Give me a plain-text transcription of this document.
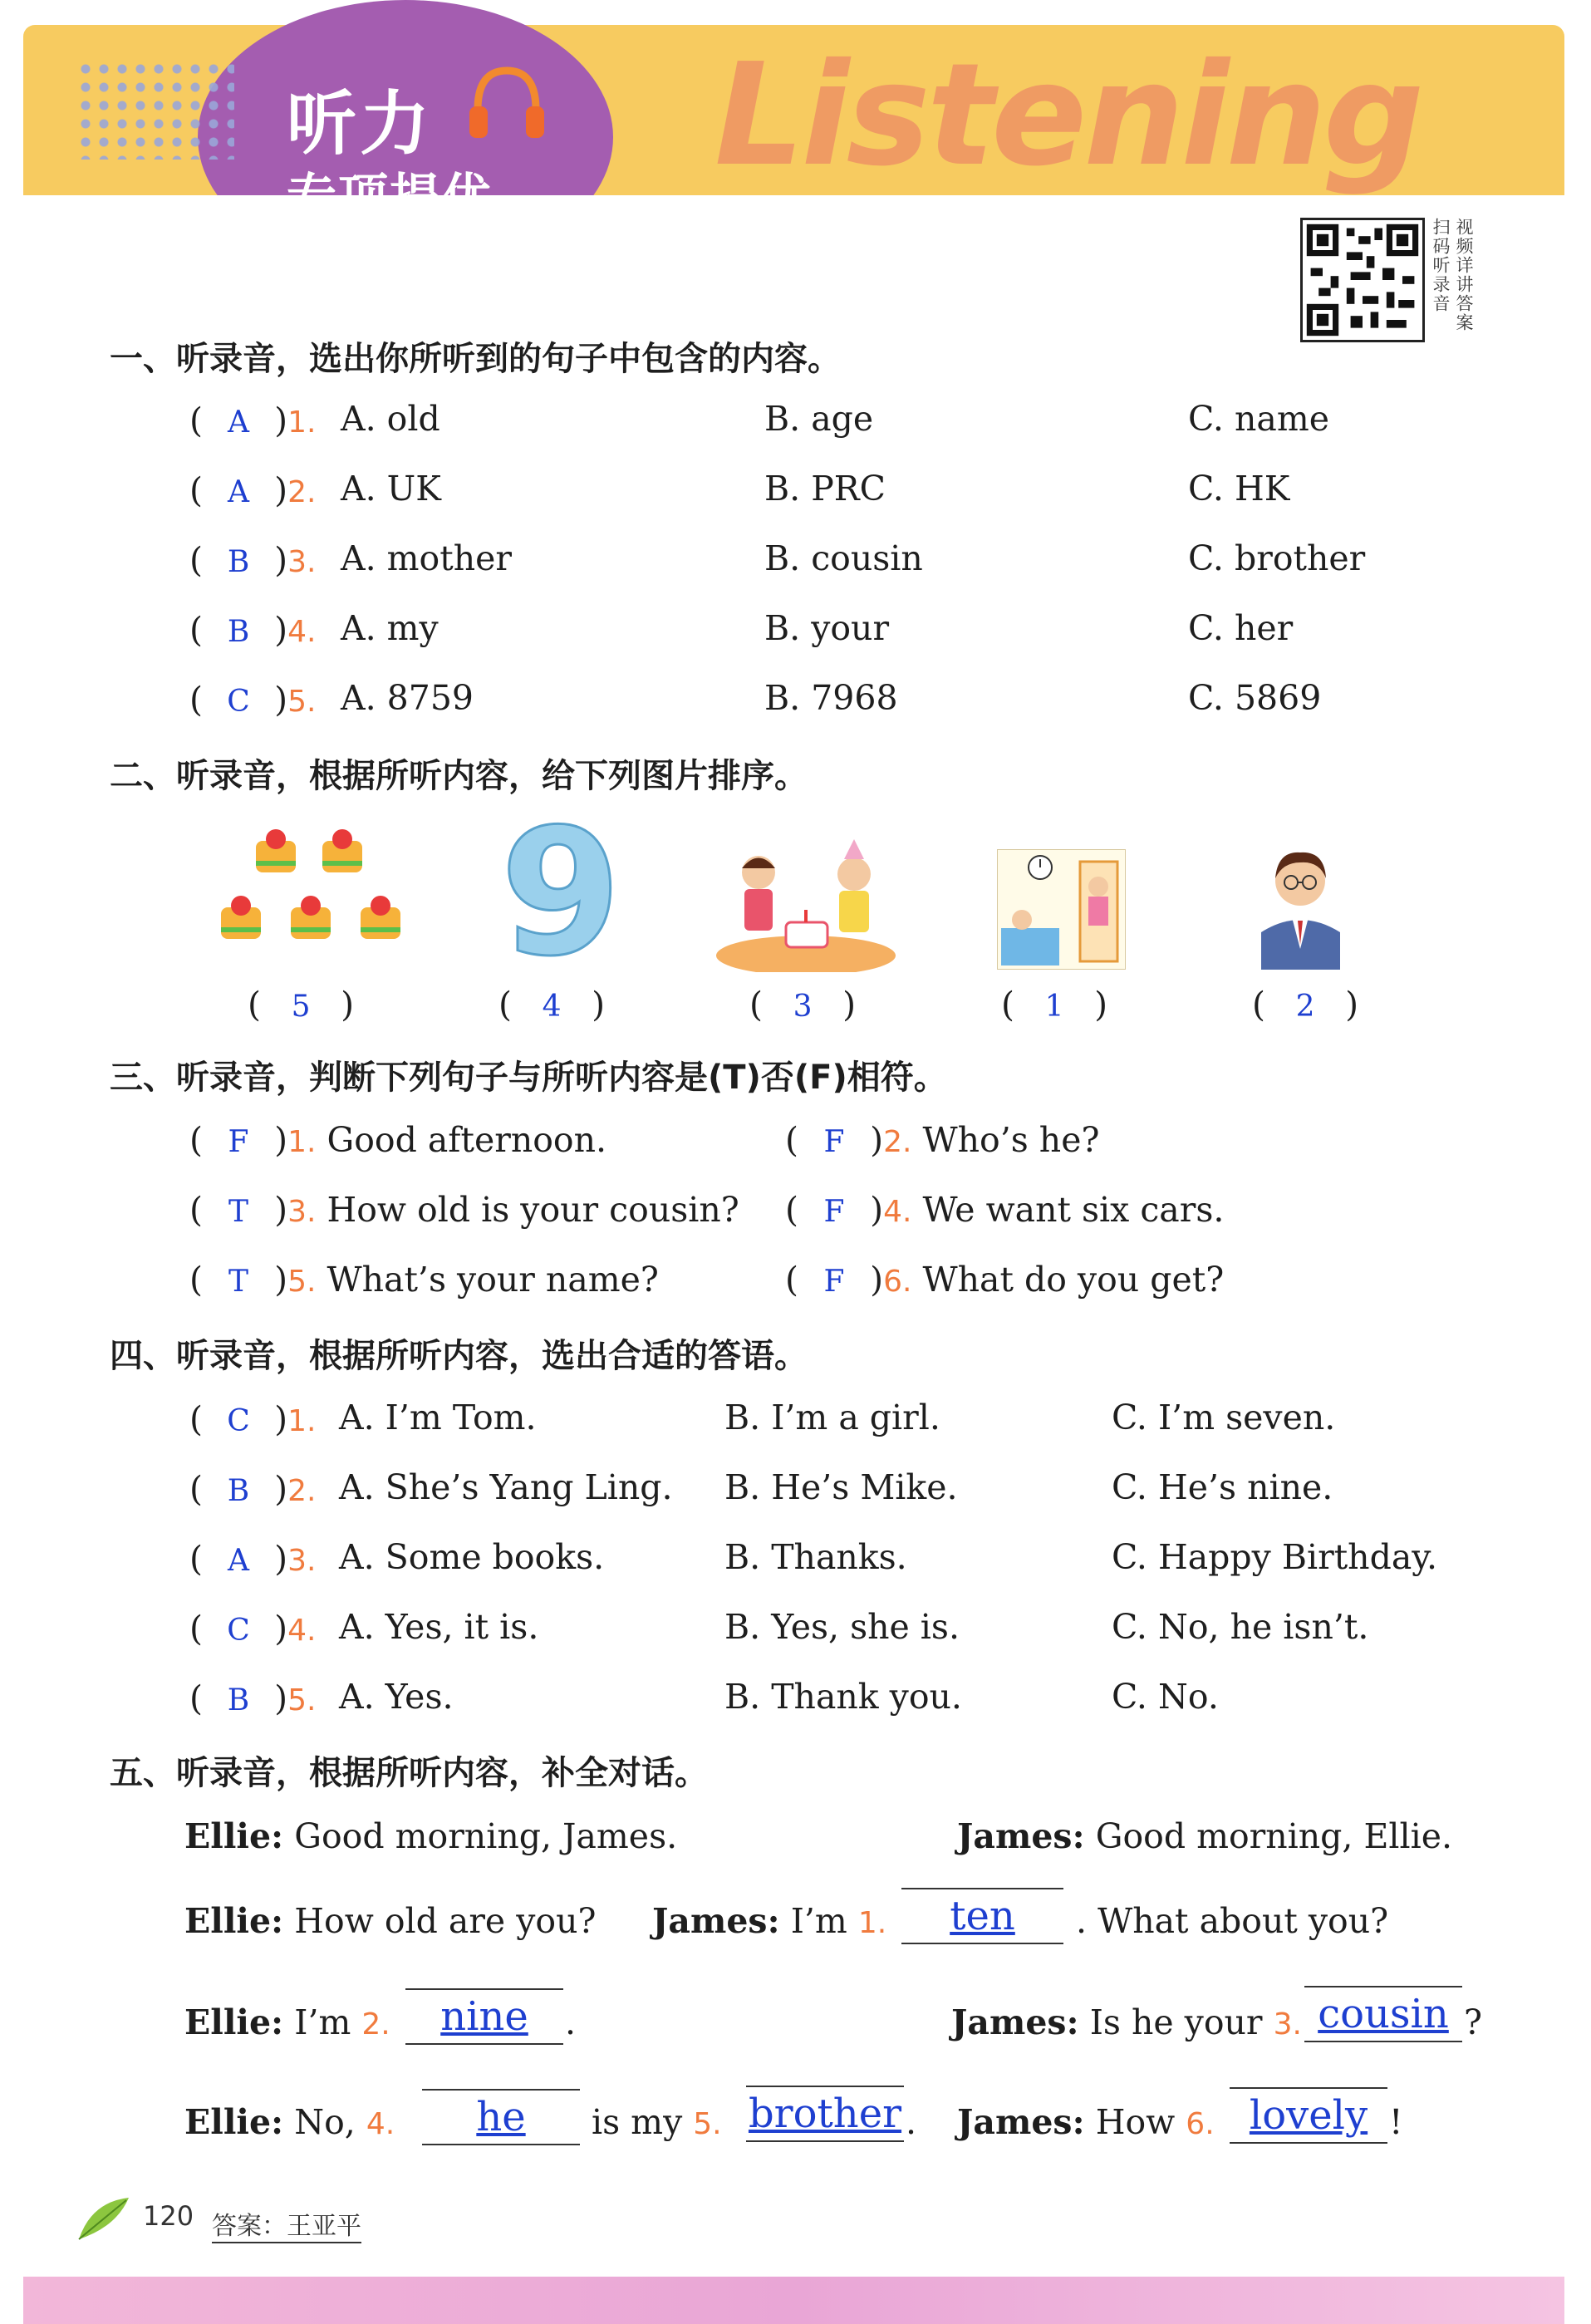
听力
专项提优 Listening
扫码听录音 视频详讲答案
一、听录音，选出你所听到的句子中包含的内容。
( A )1. A. old	B. age	C. name
( A )2. A. UK	B. PRC	C. HK
( B )3. A. mother	B. cousin	C. brother
( B )4. A. my	B. your	C. her
( C )5. A. 8759	B. 7968	C. 5869
二、听录音，根据所听内容，给下列图片排序。
9
( 5 )	( 4 )	( 3 )	( 1 )	( 2 )
三、听录音，判断下列句子与所听内容是(T)否(F)相符。
( F )1. Good afternoon.	( F )2. Who’s he?
( T )3. How old is your cousin? ( F )4. We want six cars.
( T )5. What’s your name?	( F )6. What do you get?
四、听录音，根据所听内容，选出合适的答语。
( C )1. A. I’m Tom.	B. I’m a girl.	C. I’m seven.
( B )2. A. She’s Yang Ling. B. He’s Mike.	C. He’s nine.
( A )3. A. Some books.	B. Thanks.	C. Happy Birthday.
( C )4. A. Yes, it is.	B. Yes, she is.	C. No, he isn’t.
( B )5. A. Yes.	B. Thank you.	C. No.
五、听录音，根据所听内容，补全对话。
Ellie: Good morning, James.	James: Good morning, Ellie.
Ellie: How old are you? James: I’m 1.	ten	. What about you?
Ellie: I’m 2.	nine	.	James: Is he your 3. cousin ?
Ellie: No, 4.	he	is my 5. brother . James: How 6. lovely !
120 答案：王亚平
